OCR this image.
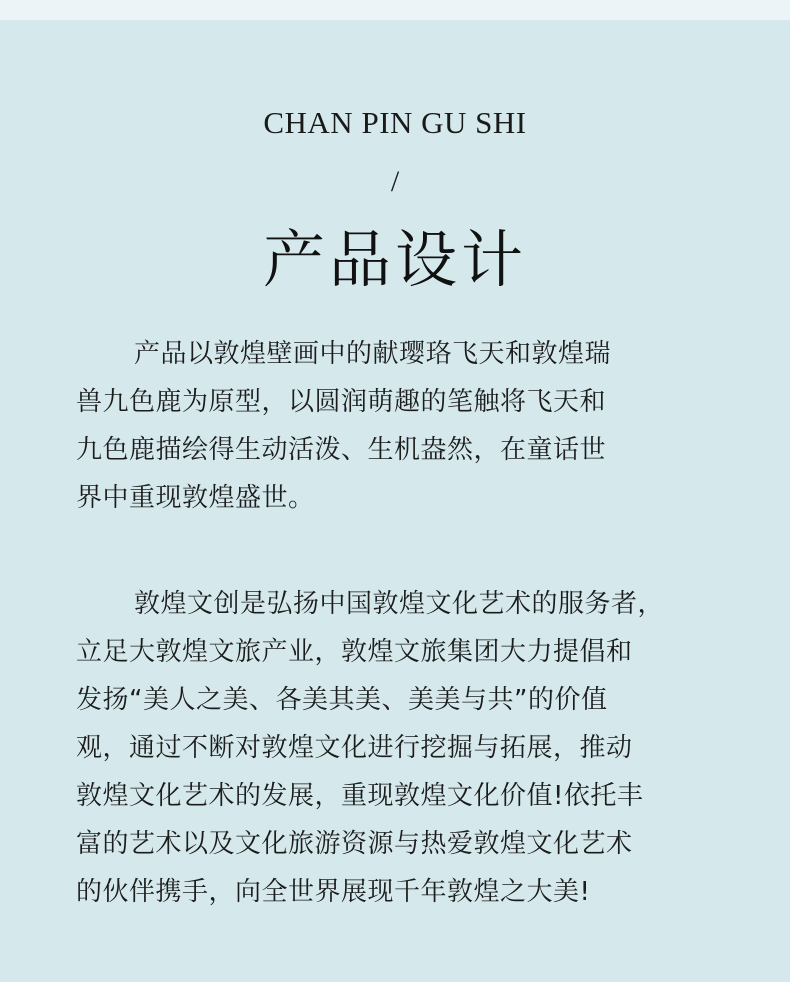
CHAN PIN GU SHI
/
产品设计
产品以敦煌壁画中的献璎珞飞天和敦煌瑞
兽九色鹿为原型，以圆润萌趣的笔触将飞天和
九色鹿描绘得生动活泼、生机盎然，在童话世
界中重现敦煌盛世。
敦煌文创是弘扬中国敦煌文化艺术的服务者，
立足大敦煌文旅产业，敦煌文旅集团大力提倡和
发扬“美人之美、各美其美、美美与共”的价值
观，通过不断对敦煌文化进行挖掘与拓展，推动
敦煌文化艺术的发展，重现敦煌文化价值!依托丰
富的艺术以及文化旅游资源与热爱敦煌文化艺术
的伙伴携手，向全世界展现千年敦煌之大美!
